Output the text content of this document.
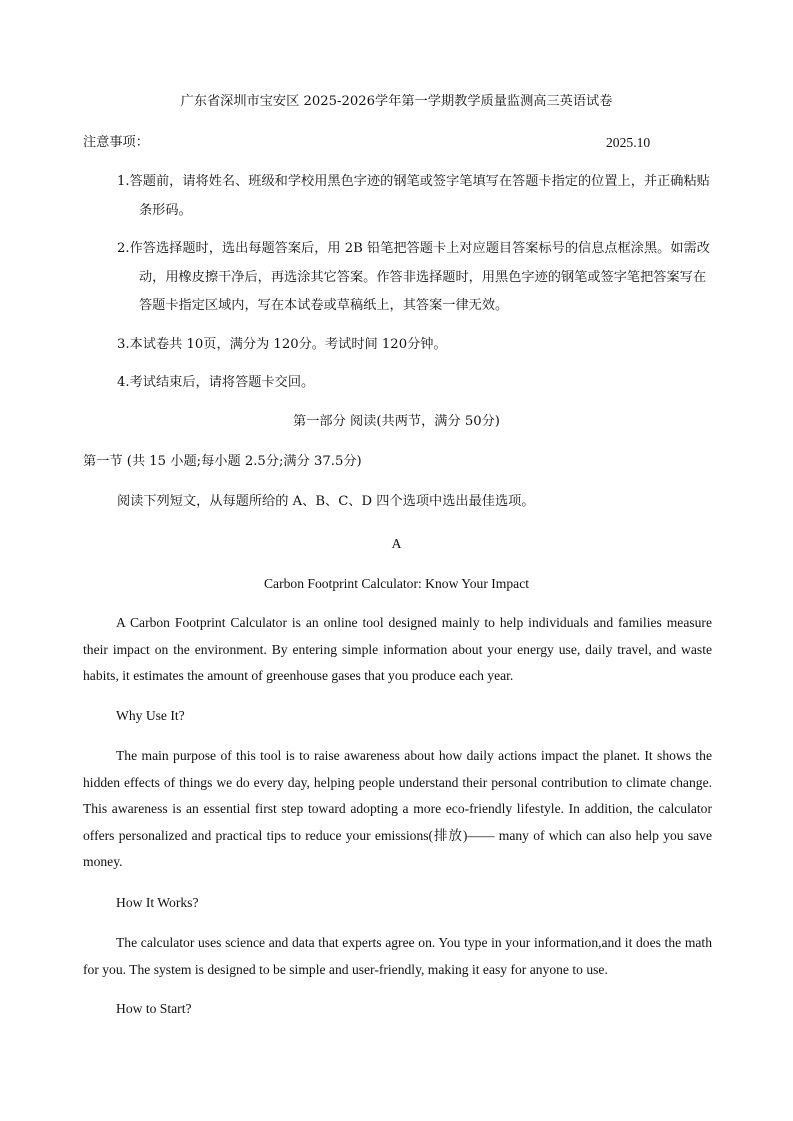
广东省深圳市宝安区 2025-2026学年第一学期教学质量监测高三英语试卷
注意事项：	2025.10
1.答题前，请将姓名、班级和学校用黑色字迹的钢笔或签字笔填写在答题卡指定的位置上，并正确粘贴条形码。
2.作答选择题时，选出每题答案后，用 2B 铅笔把答题卡上对应题目答案标号的信息点框涂黑。如需改动，用橡皮擦干净后，再选涂其它答案。作答非选择题时，用黑色字迹的钢笔或签字笔把答案写在答题卡指定区域内，写在本试卷或草稿纸上，其答案一律无效。
3.本试卷共 10页，满分为 120分。考试时间 120分钟。
4.考试结束后，请将答题卡交回。
第一部分 阅读(共两节，满分 50分)
第一节 (共 15 小题;每小题 2.5分;满分 37.5分)
阅读下列短文，从每题所给的 A、B、C、D 四个选项中选出最佳选项。
A
Carbon Footprint Calculator: Know Your Impact
A Carbon Footprint Calculator is an online tool designed mainly to help individuals and families measure their impact on the environment. By entering simple information about your energy use, daily travel, and waste habits, it estimates the amount of greenhouse gases that you produce each year.
Why Use It?
The main purpose of this tool is to raise awareness about how daily actions impact the planet. It shows the hidden effects of things we do every day, helping people understand their personal contribution to climate change. This awareness is an essential first step toward adopting a more eco-friendly lifestyle. In addition, the calculator offers personalized and practical tips to reduce your emissions(排放)—— many of which can also help you save money.
How It Works?
The calculator uses science and data that experts agree on. You type in your information,and it does the math for you. The system is designed to be simple and user-friendly, making it easy for anyone to use.
How to Start?
